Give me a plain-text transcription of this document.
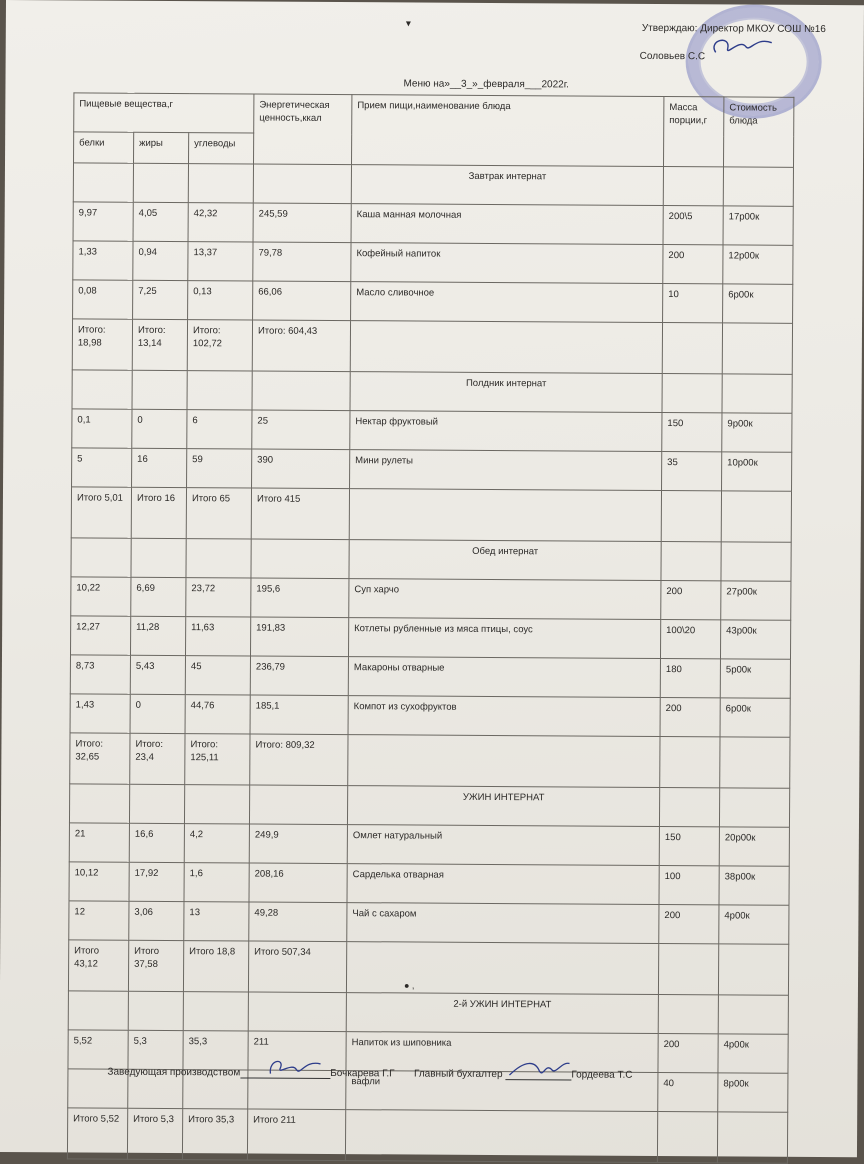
▾	Утверждаю: Директор МКОУ СОШ №16
Соловьев С.С
Меню на»__3_»_февраля___2022г.
Пищевые вещества,г			Энергетическая ценность,ккал	Прием пищи,наименование блюда	Масса порции,г	Стоимость блюда
белки	жиры	углеводы				
				Завтрак интернат		
9,97	4,05	42,32	245,59	Каша манная молочная	200\5	17р00к
1,33	0,94	13,37	79,78	Кофейный напиток	200	12р00к
0,08	7,25	0,13	66,06	Масло сливочное	10	6р00к
Итого: 18,98	Итого: 13,14	Итого: 102,72	Итого: 604,43			
				Полдник интернат		
0,1	0	6	25	Нектар фруктовый	150	9р00к
5	16	59	390	Мини рулеты	35	10р00к
Итого 5,01	Итого 16	Итого 65	Итого 415			
				Обед интернат		
10,22	6,69	23,72	195,6	Суп харчо	200	27р00к
12,27	11,28	11,63	191,83	Котлеты рубленные из мяса птицы, соус	100\20	43р00к
8,73	5,43	45	236,79	Макароны отварные	180	5р00к
1,43	0	44,76	185,1	Компот из сухофруктов	200	6р00к
Итого: 32,65	Итого: 23,4	Итого: 125,11	Итого: 809,32			
				УЖИН ИНТЕРНАТ		
21	16,6	4,2	249,9	Омлет натуральный	150	20р00к
10,12	17,92	1,6	208,16	Сарделька отварная	100	38р00к
12	3,06	13	49,28	Чай с сахаром	200	4р00к
Итого 43,12	Итого 37,58	Итого 18,8	Итого 507,34			
				2-й УЖИН ИНТЕРНАТ		
5,52	5,3	35,3	211	Напиток из шиповника	200	4р00к
				вафли	40	8р00к
Итого 5,52	Итого 5,3	Итого 35,3	Итого 211			
● ,
Заведующая производством	Бочкарева Г.Г Главный бухгалтер	Гордеева Т.С
